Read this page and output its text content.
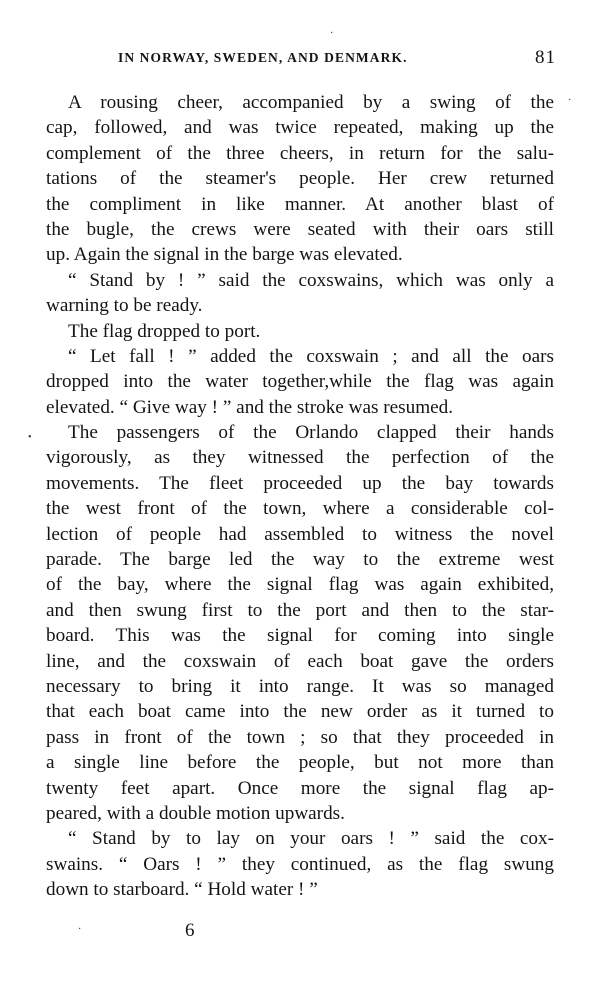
IN NORWAY, SWEDEN, AND DENMARK.	81
A rousing cheer, accompanied by a swing of the
cap, followed, and was twice repeated, making up the
complement of the three cheers, in return for the salu-
tations of the steamer's people. Her crew returned
the compliment in like manner. At another blast of
the bugle, the crews were seated with their oars still
up. Again the signal in the barge was elevated.
“ Stand by ! ” said the coxswains, which was only a
warning to be ready.
The flag dropped to port.
“ Let fall ! ” added the coxswain ; and all the oars
dropped into the water together,while the flag was again
elevated. “ Give way ! ” and the stroke was resumed.
The passengers of the Orlando clapped their hands
vigorously, as they witnessed the perfection of the
movements. The fleet proceeded up the bay towards
the west front of the town, where a considerable col-
lection of people had assembled to witness the novel
parade. The barge led the way to the extreme west
of the bay, where the signal flag was again exhibited,
and then swung first to the port and then to the star-
board. This was the signal for coming into single
line, and the coxswain of each boat gave the orders
necessary to bring it into range. It was so managed
that each boat came into the new order as it turned to
pass in front of the town ; so that they proceeded in
a single line before the people, but not more than
twenty feet apart. Once more the signal flag ap-
peared, with a double motion upwards.
“ Stand by to lay on your oars ! ” said the cox-
swains. “ Oars ! ” they continued, as the flag swung
down to starboard. “ Hold water ! ”
6
·
·
•
·
